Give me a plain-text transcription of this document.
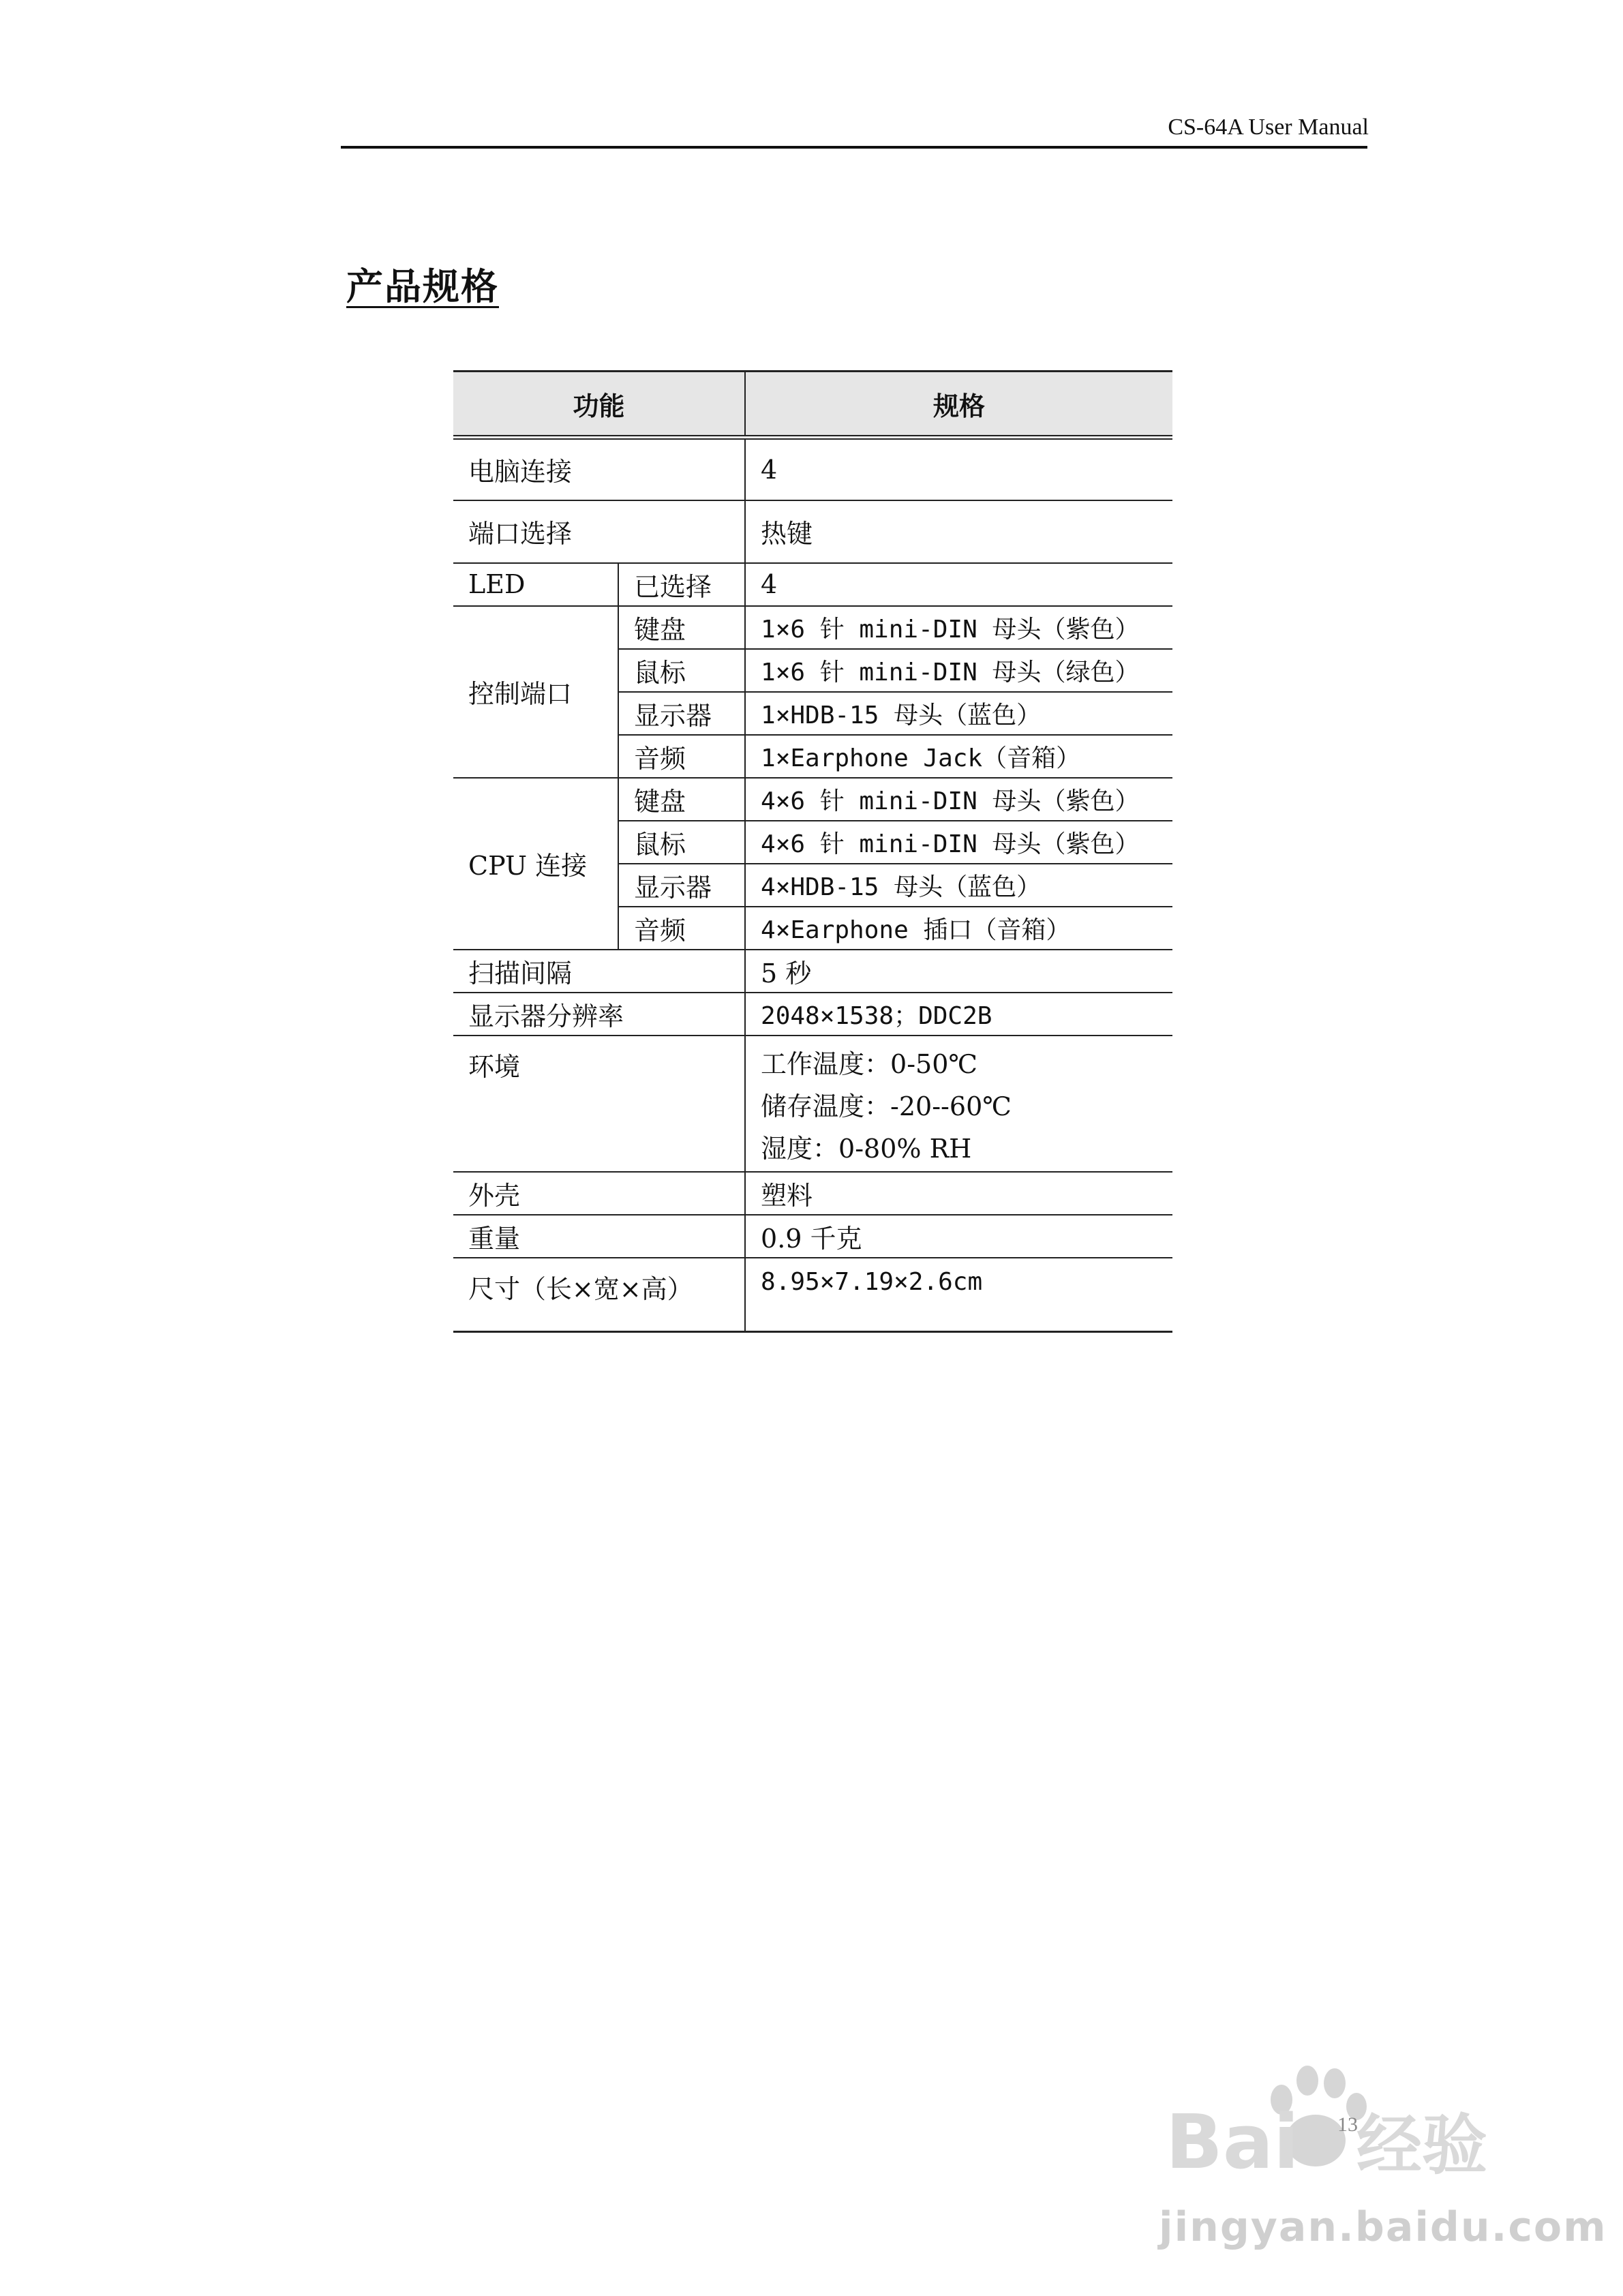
CS-64A User Manual
产品规格
功能		规格
电脑连接		4
端口选择		热键
LED	已选择	4
控制端口	键盘	1×6 针 mini-DIN 母头（紫色）
	鼠标	1×6 针 mini-DIN 母头（绿色）
	显示器	1×HDB-15 母头（蓝色）
	音频	1×Earphone Jack（音箱）
CPU 连接	键盘	4×6 针 mini-DIN 母头（紫色）
	鼠标	4×6 针 mini-DIN 母头（紫色）
	显示器	4×HDB-15 母头（蓝色）
	音频	4×Earphone 插口（音箱）
扫描间隔		5 秒
显示器分辨率		2048×1538；DDC2B
环境		工作温度：0-50℃
储存温度：-20--60℃
湿度：0-80% RH

外壳		塑料
重量		0.9 千克
尺寸（长×宽×高）		8.95×7.19×2.6cm
Bai 经验
jingyan.baidu.com
13
